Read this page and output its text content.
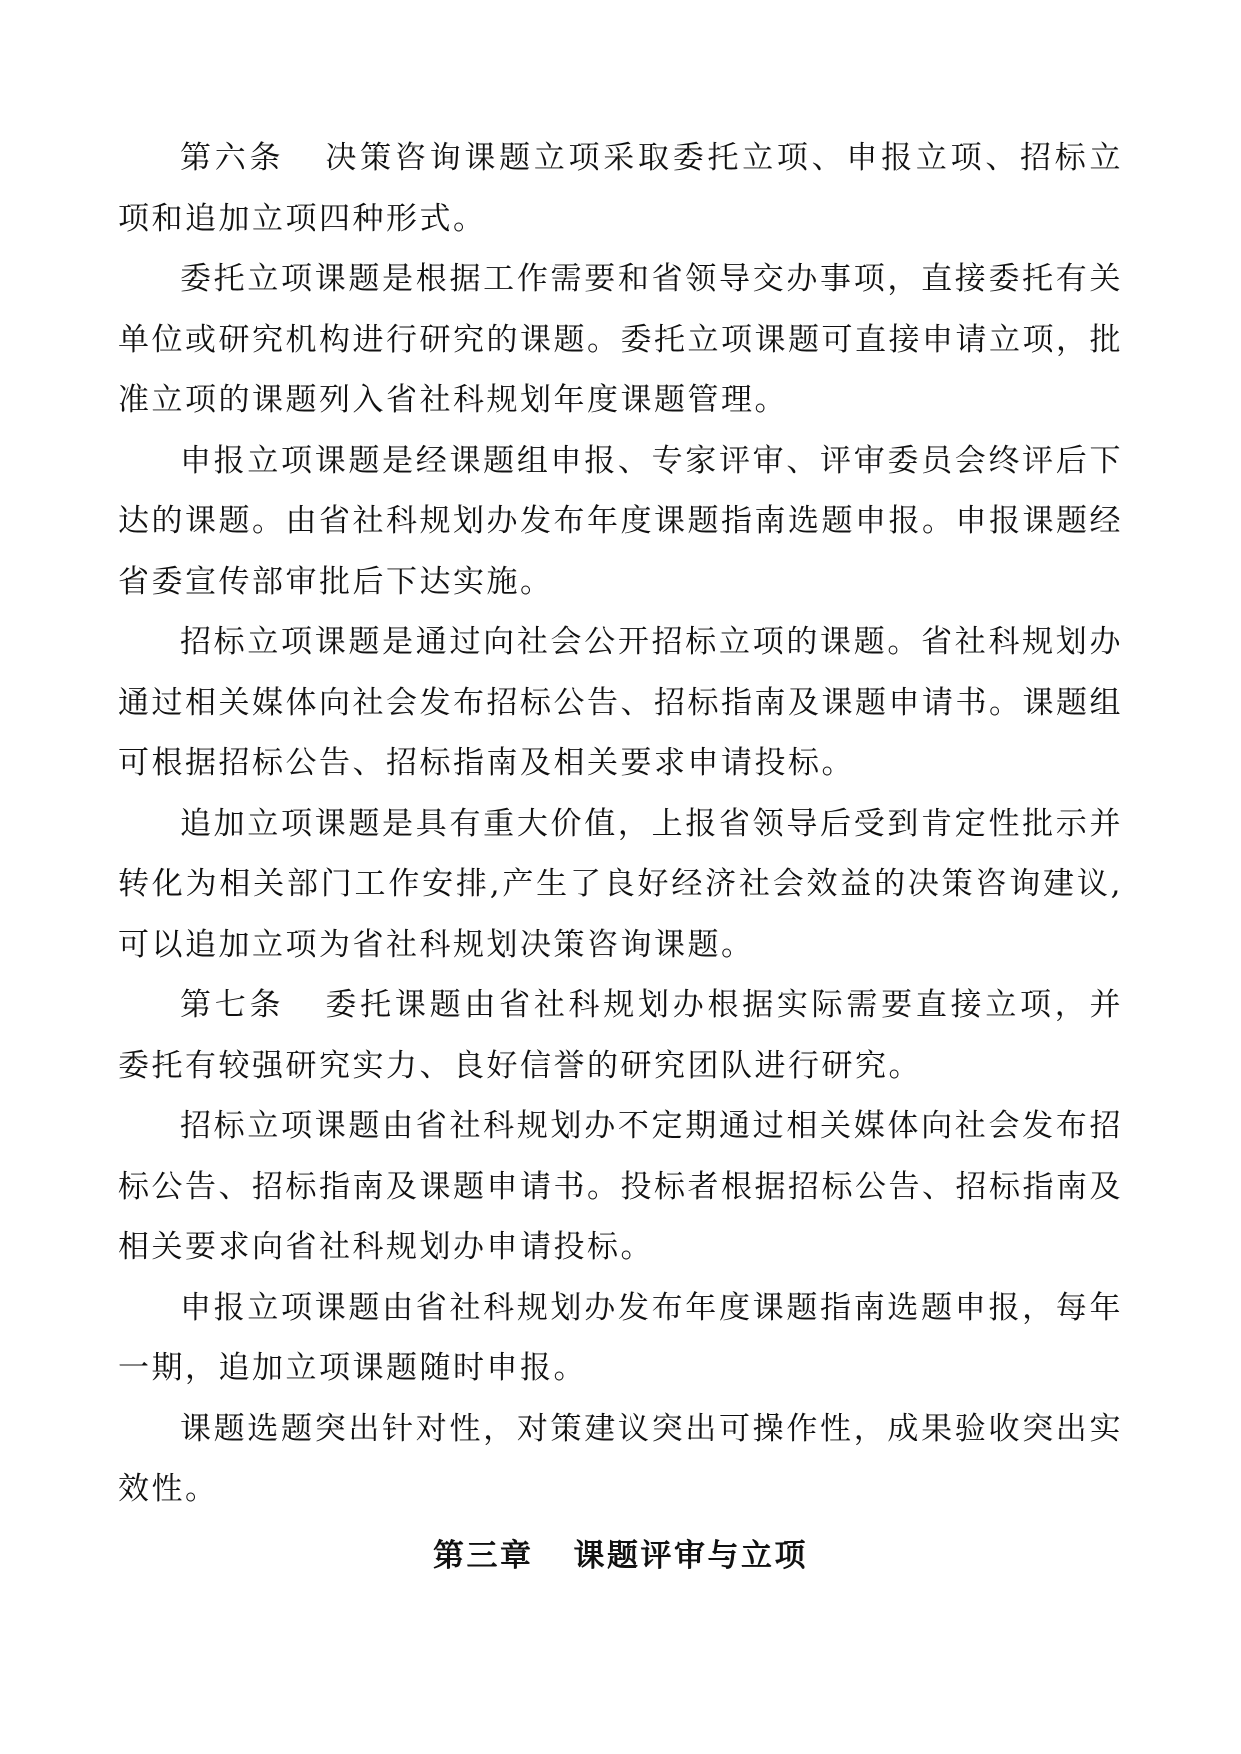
第六条 决策咨询课题立项采取委托立项、申报立项、招标立项和追加立项四种形式。

委托立项课题是根据工作需要和省领导交办事项，直接委托有关单位或研究机构进行研究的课题。委托立项课题可直接申请立项，批准立项的课题列入省社科规划年度课题管理。

申报立项课题是经课题组申报、专家评审、评审委员会终评后下达的课题。由省社科规划办发布年度课题指南选题申报。申报课题经省委宣传部审批后下达实施。

招标立项课题是通过向社会公开招标立项的课题。省社科规划办通过相关媒体向社会发布招标公告、招标指南及课题申请书。课题组可根据招标公告、招标指南及相关要求申请投标。

追加立项课题是具有重大价值，上报省领导后受到肯定性批示并转化为相关部门工作安排,产生了良好经济社会效益的决策咨询建议,可以追加立项为省社科规划决策咨询课题。

第七条 委托课题由省社科规划办根据实际需要直接立项，并委托有较强研究实力、良好信誉的研究团队进行研究。

招标立项课题由省社科规划办不定期通过相关媒体向社会发布招标公告、招标指南及课题申请书。投标者根据招标公告、招标指南及相关要求向省社科规划办申请投标。

申报立项课题由省社科规划办发布年度课题指南选题申报，每年一期，追加立项课题随时申报。

课题选题突出针对性，对策建议突出可操作性，成果验收突出实效性。

第三章 课题评审与立项
